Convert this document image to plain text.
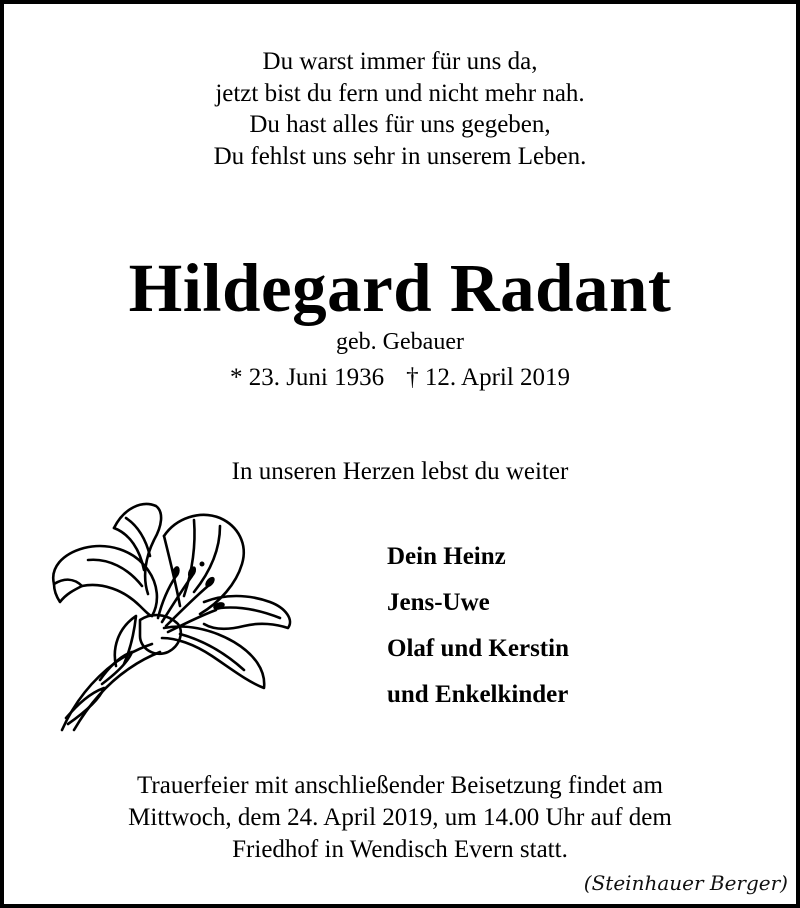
Du warst immer für uns da,
jetzt bist du fern und nicht mehr nah.
Du hast alles für uns gegeben,
Du fehlst uns sehr in unserem Leben.
Hildegard Radant
geb. Gebauer
* 23. Juni 1936 † 12. April 2019
In unseren Herzen lebst du weiter
Dein Heinz
Jens-Uwe
Olaf und Kerstin
und Enkelkinder
Trauerfeier mit anschließender Beisetzung findet am
Mittwoch, dem 24. April 2019, um 14.00 Uhr auf dem
Friedhof in Wendisch Evern statt.
(Steinhauer Berger)
